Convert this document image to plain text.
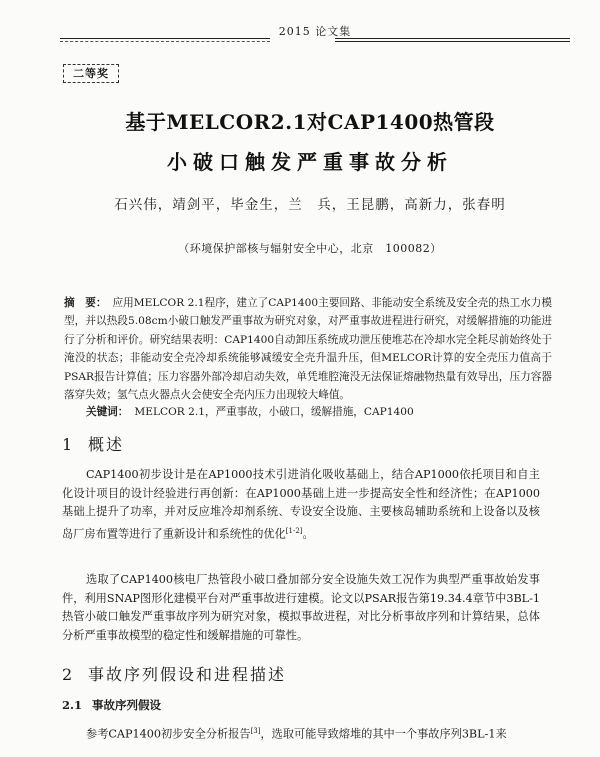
2015 论文集
二等奖
基于MELCOR2.1对CAP1400热管段
小破口触发严重事故分析
石兴伟，靖剑平，毕金生，兰　兵，王昆鹏，高新力，张春明
（环境保护部核与辐射安全中心，北京　100082）
摘　要： 应用MELCOR 2.1程序，建立了CAP1400主要回路、非能动安全系统及安全壳的热工水力模型，并以热段5.08cm小破口触发严重事故为研究对象，对严重事故进程进行研究，对缓解措施的功能进行了分析和评价。研究结果表明：CAP1400自动卸压系统成功泄压使堆芯在冷却水完全耗尽前始终处于淹没的状态；非能动安全壳冷却系统能够减缓安全壳升温升压，但MELCOR计算的安全壳压力值高于PSAR报告计算值；压力容器外部冷却启动失效，单凭堆腔淹没无法保证熔融物热量有效导出，压力容器落穿失效；氢气点火器点火会使安全壳内压力出现较大峰值。
关键词： MELCOR 2.1，严重事故，小破口，缓解措施，CAP1400
1 概述
CAP1400初步设计是在AP1000技术引进消化吸收基础上，结合AP1000依托项目和自主化设计项目的设计经验进行再创新：在AP1000基础上进一步提高安全性和经济性；在AP1000基础上提升了功率，并对反应堆冷却剂系统、专设安全设施、主要核岛辅助系统和上设备以及核岛厂房布置等进行了重新设计和系统性的优化[1-2]。
选取了CAP1400核电厂热管段小破口叠加部分安全设施失效工况作为典型严重事故始发事件，利用SNAP图形化建模平台对严重事故进行建模。论文以PSAR报告第19.34.4章节中3BL-1热管小破口触发严重事故序列为研究对象，模拟事故进程，对比分析事故序列和计算结果，总体分析严重事故模型的稳定性和缓解措施的可靠性。
2 事故序列假设和进程描述
2.1 事故序列假设
参考CAP1400初步安全分析报告[3]，选取可能导致熔堆的其中一个事故序列3BL-1来
